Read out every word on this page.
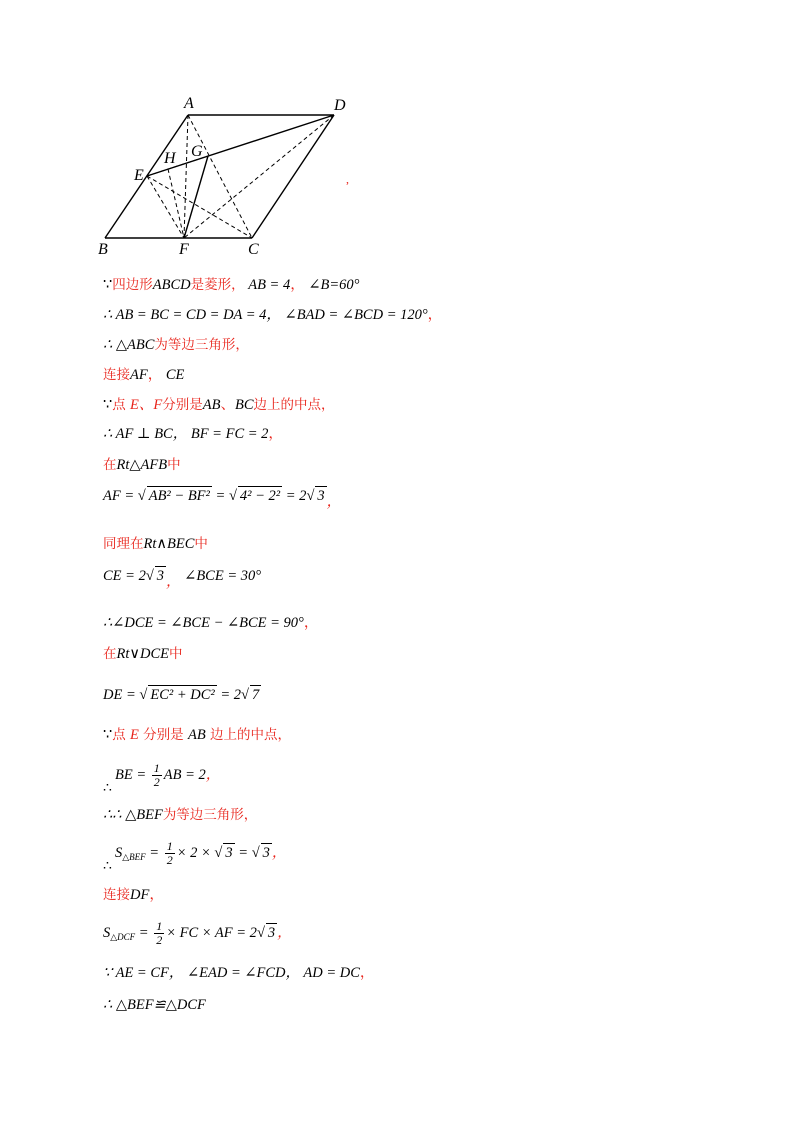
A	D
B	F	C
E
H G
,
∵四边形ABCD是菱形， AB = 4， ∠B=60°
∴ AB = BC = CD = DA = 4， ∠BAD = ∠BCD = 120°，
∴ △ABC为等边三角形，
连接AF， CE
∵点 E、F分别是AB、BC边上的中点，
∴ AF ⊥ BC， BF = FC = 2，
在Rt△AFB中
AF = √ AB² − BF² = √ 4² − 2² = 2√ 3 ，
同理在Rt∧BEC中
CE = 2√ 3 ， ∠BCE = 30°
∴∠DCE = ∠BCE − ∠BCE = 90°，
在Rt∨DCE中
DE = √ EC² + DC² = 2√ 7
∵点 E 分别是 AB 边上的中点，
∴
BE = $\frac{1}{2}$ AB = 2，
∴∴ △BEF为等边三角形，
∴
$S_{\triangle BEF} = \frac{1}{2} \times 2$ × √ 3 = √ 3 ，
连接DF，
$S_{\triangle DCF} = \frac{1}{2}$ × FC × AF = 2√ 3 ，
∵ AE = CF， ∠EAD = ∠FCD， AD = DC，
∴ △BEF≌△DCF
